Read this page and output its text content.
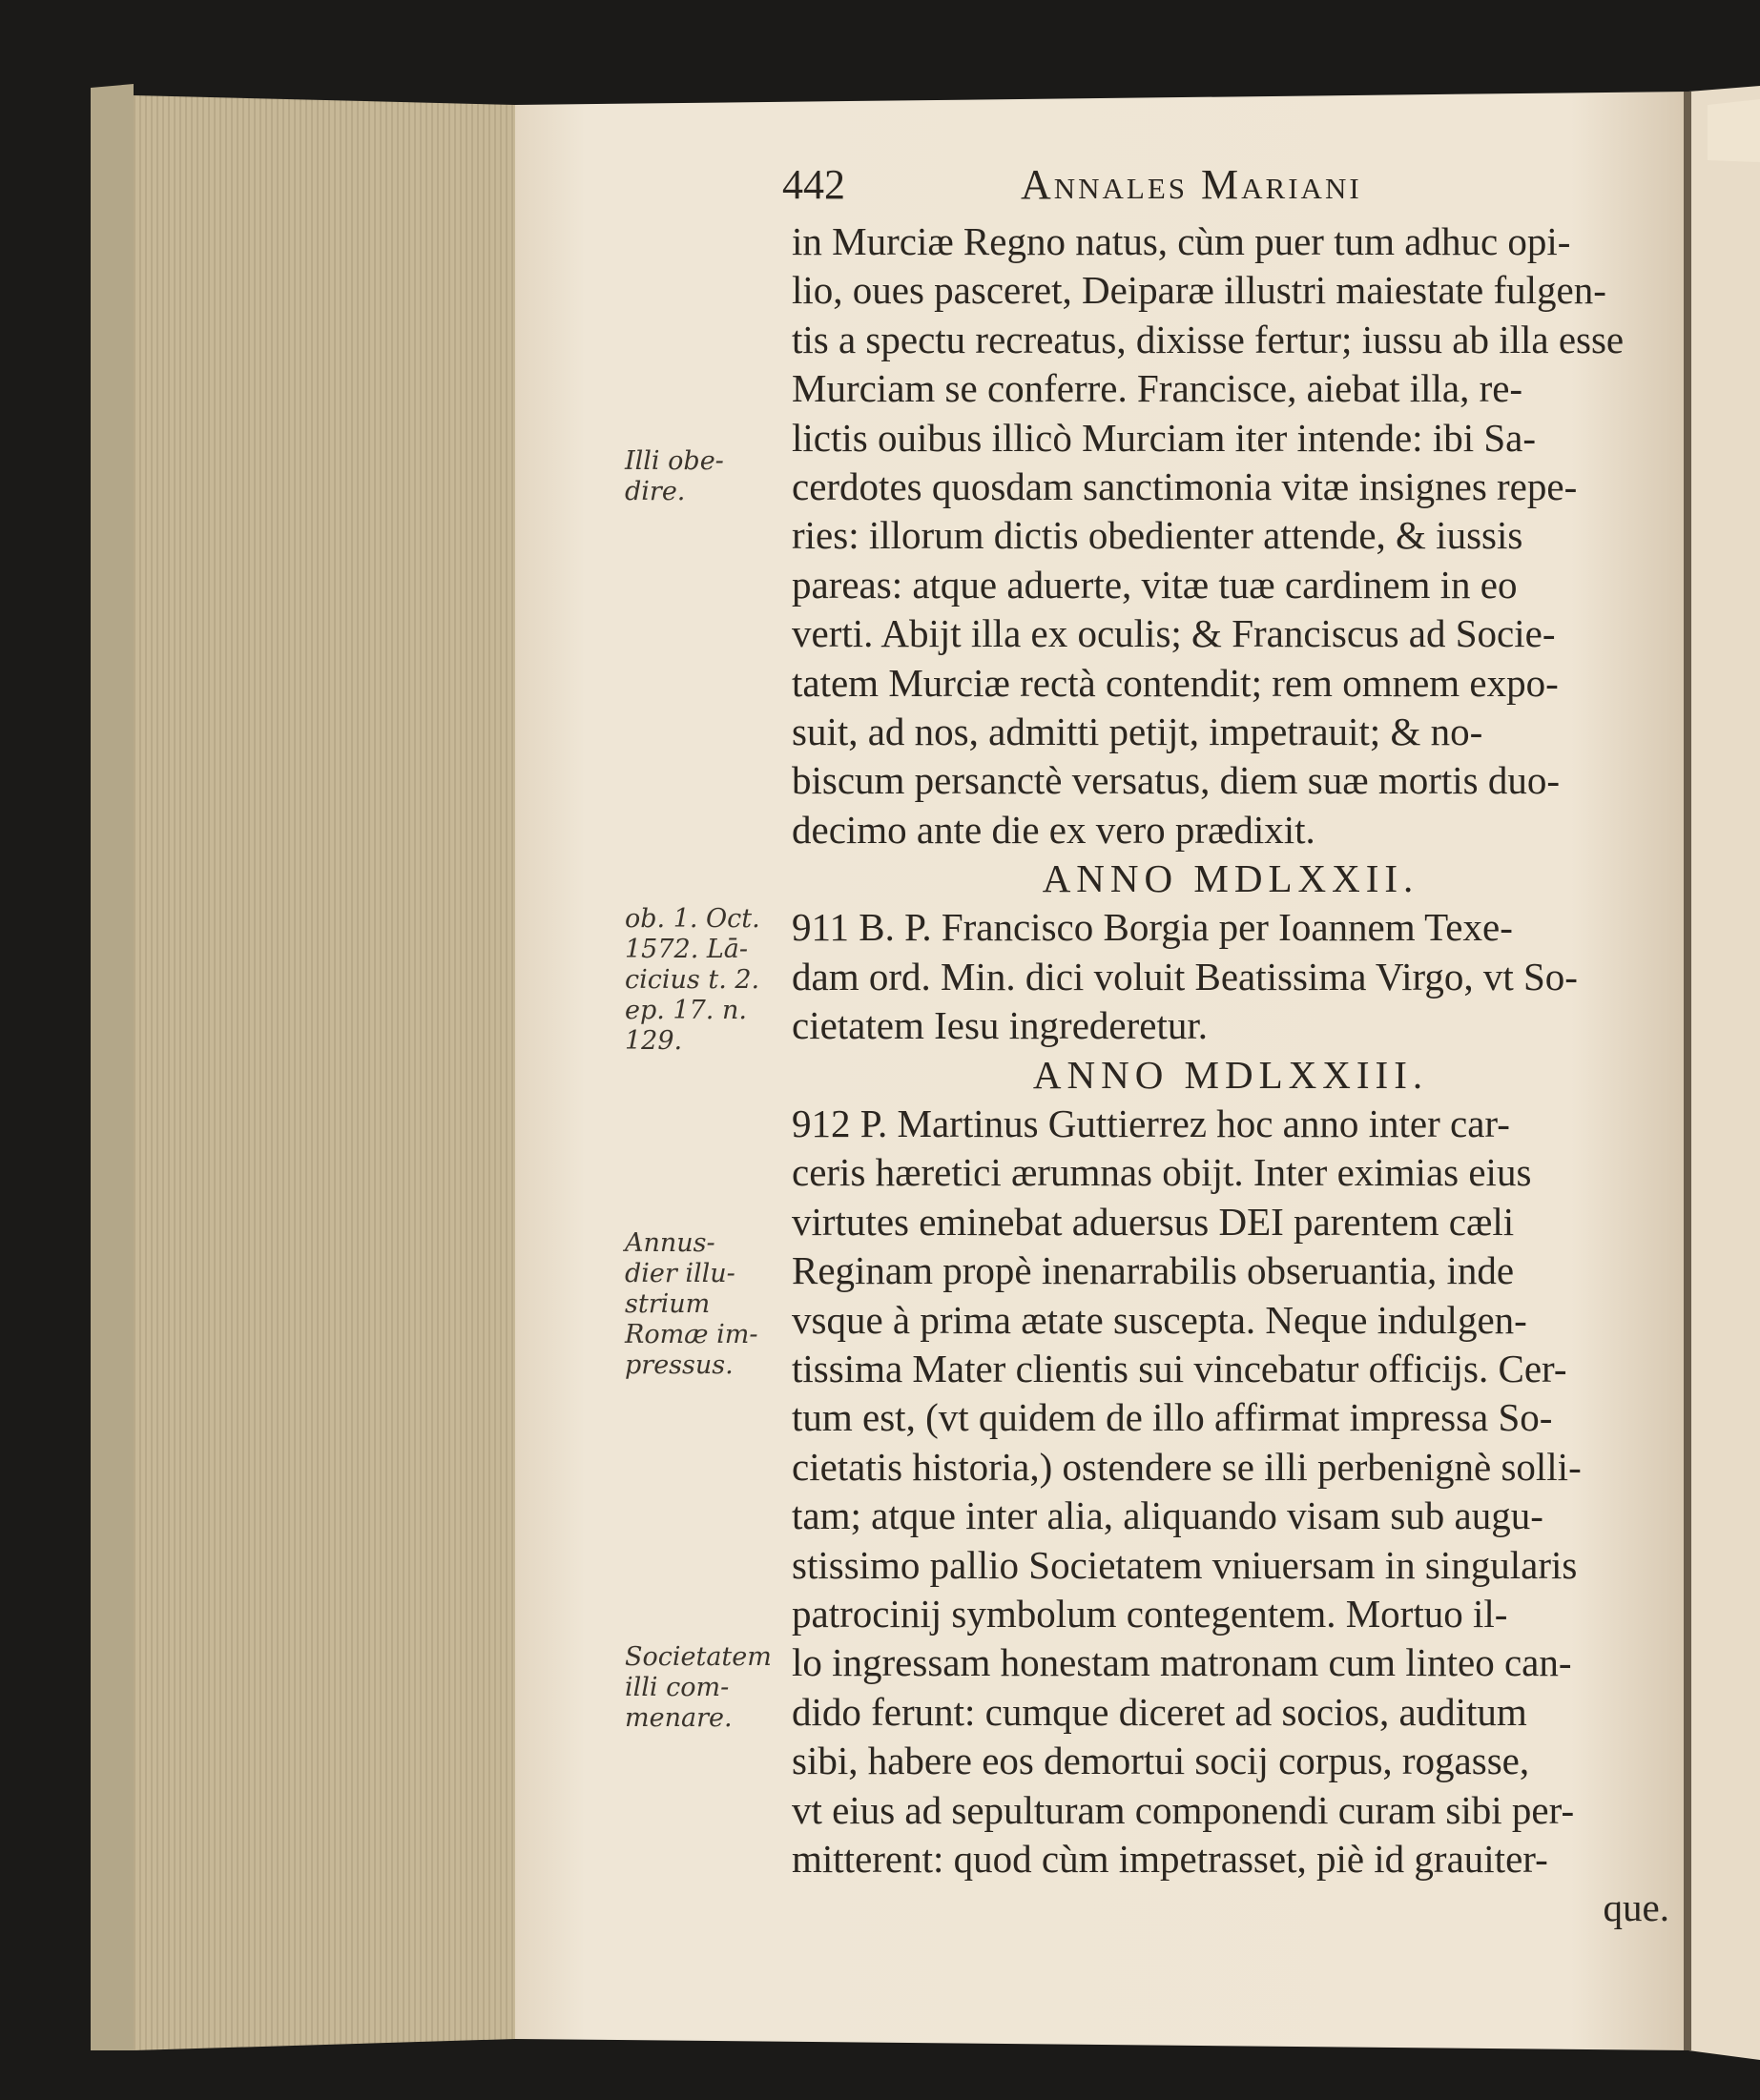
442	Annales Mariani
in Murciæ Regno natus, cùm puer tum adhuc opi-
lio, oues pasceret, Deiparæ illustri maiestate fulgen-
tis a spectu recreatus, dixisse fertur; iussu ab illa esse
Murciam se conferre. Francisce, aiebat illa, re-
lictis ouibus illicò Murciam iter intende: ibi Sa-
cerdotes quosdam sanctimonia vitæ insignes repe-
ries: illorum dictis obedienter attende, & iussis
pareas: atque aduerte, vitæ tuæ cardinem in eo
verti. Abijt illa ex oculis; & Franciscus ad Socie-
tatem Murciæ rectà contendit; rem omnem expo-
suit, ad nos, admitti petijt, impetrauit; & no-
biscum persanctè versatus, diem suæ mortis duo-
decimo ante die ex vero prædixit.
ANNO MDLXXII.
911 B. P. Francisco Borgia per Ioannem Texe-
dam ord. Min. dici voluit Beatissima Virgo, vt So-
cietatem Iesu ingrederetur.
ANNO MDLXXIII.
912 P. Martinus Guttierrez hoc anno inter car-
ceris hæretici ærumnas obijt. Inter eximias eius
virtutes eminebat aduersus DEI parentem cæli
Reginam propè inenarrabilis obseruantia, inde
vsque à prima ætate suscepta. Neque indulgen-
tissima Mater clientis sui vincebatur officijs. Cer-
tum est, (vt quidem de illo affirmat impressa So-
cietatis historia,) ostendere se illi perbenignè solli-
tam; atque inter alia, aliquando visam sub augu-
stissimo pallio Societatem vniuersam in singularis
patrocinij symbolum contegentem. Mortuo il-
lo ingressam honestam matronam cum linteo can-
dido ferunt: cumque diceret ad socios, auditum
sibi, habere eos demortui socij corpus, rogasse,
vt eius ad sepulturam componendi curam sibi per-
mitterent: quod cùm impetrasset, piè id grauiter-
que.
Illi obe-
dire.
ob. 1. Oct.
1572. Lā-
cicius t. 2.
ep. 17. n.
129.
Annus-
dier illu-
strium
Romæ im-
pressus.
Societatem
illi com-
menare.
